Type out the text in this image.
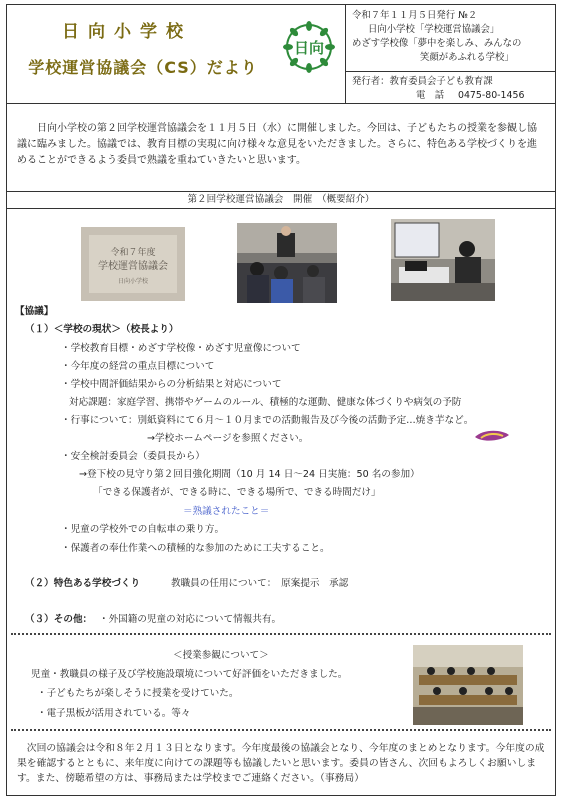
日向小学校
学校運営協議会（CS）だより
日向
令和７年１１月５日発行 №２
日向小学校「学校運営協議会」
めざす学校像「夢中を楽しみ、みんなの
笑顔があふれる学校」
発行者：教育委員会子ども教育課
電　話 0475-80-1456

日向小学校の第２回学校運営協議会を１１月５日（水）に開催しました。今回は、子どもたちの授業を参観し協議に臨みました。協議では、教育目標の実現に向け様々な意見をいただきました。さらに、特色ある学校づくりを進めることができるよう委員で熟議を重ねていきたいと思います。

第２回学校運営協議会　開催　（概要紹介）
令和７年度
学校運営協議会
日向小学校
【協議】
（１）＜学校の現状＞（校長より）
・学校教育目標・めざす学校像・めざす児童像について
・今年度の経営の重点目標について
・学校中間評価結果からの分析結果と対応について
対応課題：家庭学習、携帯やゲームのルール、積極的な運動、健康な体づくりや病気の予防
・行事について：別紙資料にて６月～１０月までの活動報告及び今後の活動予定…焼き芋など。
→学校ホームページを参照ください。
・安全検討委員会（委員長から）
→登下校の見守り第２回目強化期間（10 月 14 日～24 日実施：50 名の参加）
「できる保護者が、できる時に、できる場所で、できる時間だけ」
＝熟議されたこと＝
・児童の学校外での自転車の乗り方。
・保護者の奉仕作業への積極的な参加のために工夫すること。
（２）特色ある学校づくり	教職員の任用について：　原案提示　承認
（３）その他： ・外国籍の児童の対応について情報共有。
＜授業参観について＞
児童・教職員の様子及び学校施設環境について好評価をいただきました。
・子どもたちが楽しそうに授業を受けていた。
・電子黒板が活用されている。等々

次回の協議会は令和８年２月１３日となります。今年度最後の協議会となり、今年度のまとめとなります。今年度の成果を確認するとともに、来年度に向けての課題等も協議したいと思います。委員の皆さん、次回もよろしくお願いします。また、傍聴希望の方は、事務局または学校までご連絡ください。（事務局）
